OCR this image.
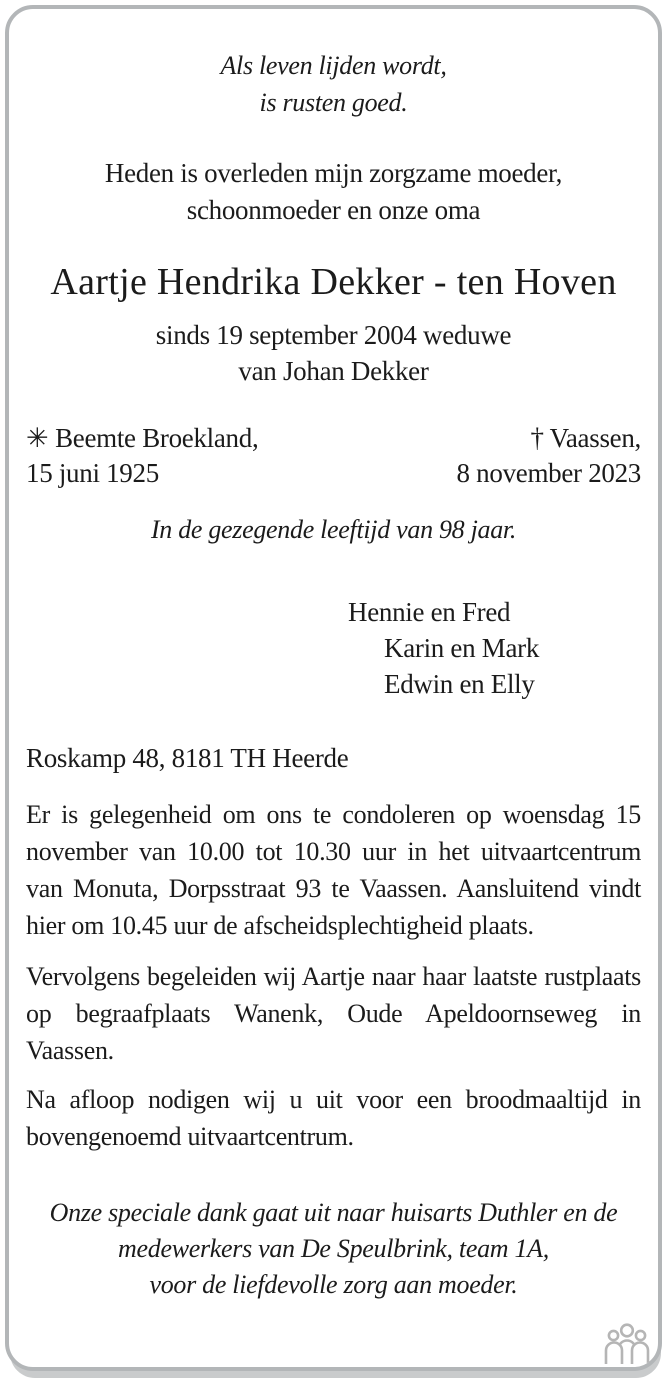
Als leven lijden wordt,
is rusten goed.
Heden is overleden mijn zorgzame moeder,
schoonmoeder en onze oma
Aartje Hendrika Dekker - ten Hoven
sinds 19 september 2004 weduwe
van Johan Dekker
✳ Beemte Broekland,
15 juni 1925
† Vaassen,
8 november 2023
In de gezegende leeftijd van 98 jaar.
Hennie en Fred
Karin en Mark
Edwin en Elly
Roskamp 48, 8181 TH Heerde

Er is gelegenheid om ons te condoleren op woensdag 15 november van 10.00 tot 10.30 uur in het uitvaartcentrum van Monuta, Dorpsstraat 93 te Vaassen. Aansluitend vindt hier om 10.45 uur de afscheidsplechtigheid plaats.

Vervolgens begeleiden wij Aartje naar haar laatste rustplaats op begraafplaats Wanenk, Oude Apeldoornseweg in Vaassen.

Na afloop nodigen wij u uit voor een broodmaaltijd in bovengenoemd uitvaartcentrum.

Onze speciale dank gaat uit naar huisarts Duthler en de
medewerkers van De Speulbrink, team 1A,
voor de liefdevolle zorg aan moeder.
